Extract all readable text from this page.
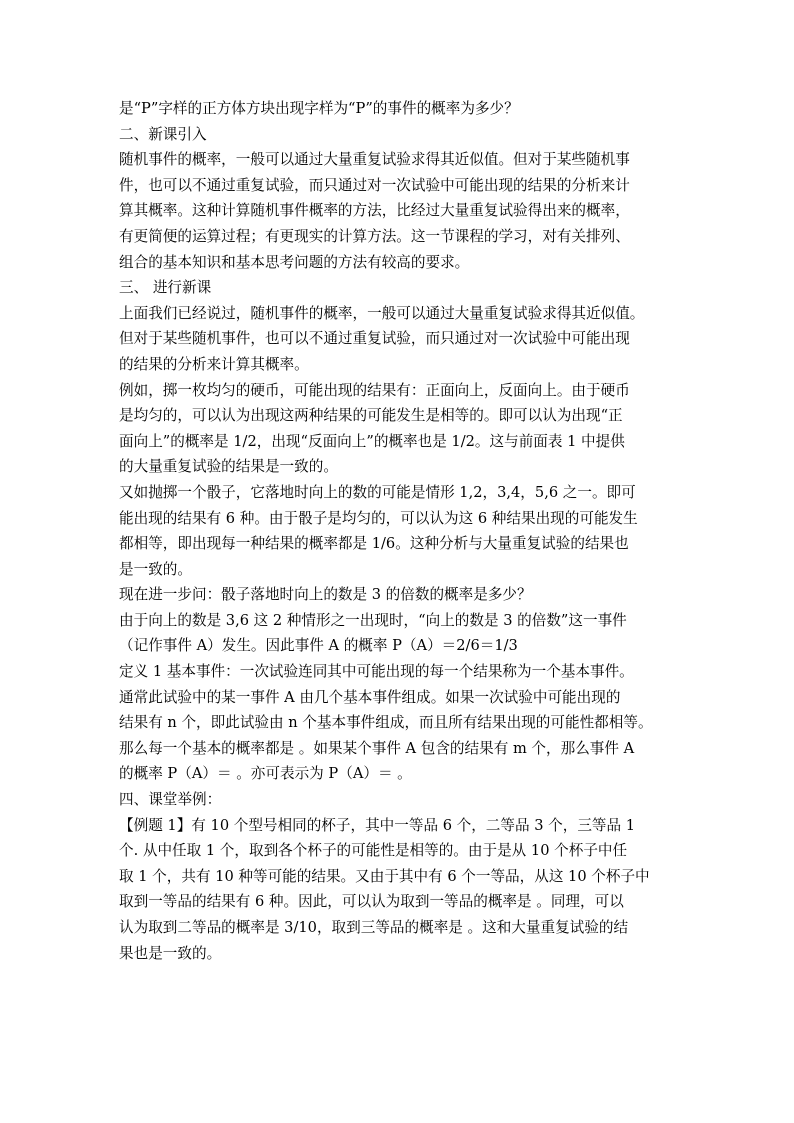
是“P”字样的正方体方块出现字样为“P”的事件的概率为多少？
二、新课引入
随机事件的概率，一般可以通过大量重复试验求得其近似值。但对于某些随机事
件，也可以不通过重复试验，而只通过对一次试验中可能出现的结果的分析来计
算其概率。这种计算随机事件概率的方法，比经过大量重复试验得出来的概率，
有更简便的运算过程；有更现实的计算方法。这一节课程的学习，对有关排列、
组合的基本知识和基本思考问题的方法有较高的要求。
三、 进行新课
上面我们已经说过，随机事件的概率，一般可以通过大量重复试验求得其近似值。
但对于某些随机事件，也可以不通过重复试验，而只通过对一次试验中可能出现
的结果的分析来计算其概率。
例如，掷一枚均匀的硬币，可能出现的结果有：正面向上，反面向上。由于硬币
是均匀的，可以认为出现这两种结果的可能发生是相等的。即可以认为出现“正
面向上”的概率是 1/2，出现“反面向上”的概率也是 1/2。这与前面表 1 中提供
的大量重复试验的结果是一致的。
又如抛掷一个骰子，它落地时向上的数的可能是情形 1,2，3,4，5,6 之一。即可
能出现的结果有 6 种。由于骰子是均匀的，可以认为这 6 种结果出现的可能发生
都相等，即出现每一种结果的概率都是 1/6。这种分析与大量重复试验的结果也
是一致的。
现在进一步问：骰子落地时向上的数是 3 的倍数的概率是多少？
由于向上的数是 3,6 这 2 种情形之一出现时，“向上的数是 3 的倍数”这一事件
（记作事件 A）发生。因此事件 A 的概率 P（A）＝2/6＝1/3
定义 1 基本事件：一次试验连同其中可能出现的每一个结果称为一个基本事件。
通常此试验中的某一事件 A 由几个基本事件组成。如果一次试验中可能出现的
结果有 n 个，即此试验由 n 个基本事件组成，而且所有结果出现的可能性都相等。
那么每一个基本的概率都是 。如果某个事件 A 包含的结果有 m 个，那么事件 A
的概率 P（A）＝ 。亦可表示为 P（A）＝ 。
四、课堂举例：
【例题 1】有 10 个型号相同的杯子，其中一等品 6 个，二等品 3 个，三等品 1
个. 从中任取 1 个，取到各个杯子的可能性是相等的。由于是从 10 个杯子中任
取 1 个，共有 10 种等可能的结果。又由于其中有 6 个一等品，从这 10 个杯子中
取到一等品的结果有 6 种。因此，可以认为取到一等品的概率是 。同理，可以
认为取到二等品的概率是 3/10，取到三等品的概率是 。这和大量重复试验的结
果也是一致的。
